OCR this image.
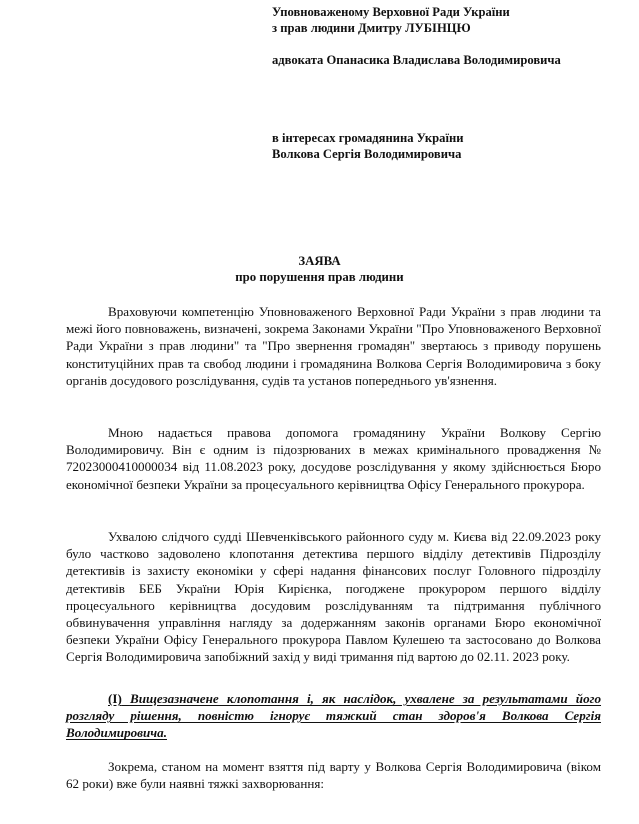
Уповноваженому Верховної Ради України
з прав людини Дмитру ЛУБІНЦЮ
адвоката Опанасика Владислава Володимировича
в інтересах громадянина України
Волкова Сергія Володимировича
ЗАЯВА
про порушення прав людини
Враховуючи компетенцію Уповноваженого Верховної Ради України з прав людини та межі його повноважень, визначені, зокрема Законами України "Про Уповноваженого Верховної Ради України з прав людини" та "Про звернення громадян" звертаюсь з приводу порушень конституційних прав та свобод людини і громадянина Волкова Сергія Володимировича з боку органів досудового розслідування, судів та установ попереднього ув'язнення.
Мною надається правова допомога громадянину України Волкову Сергію Володимировичу. Він є одним із підозрюваних в межах кримінального провадження № 72023000410000034 від 11.08.2023 року, досудове розслідування у якому здійснюється Бюро економічної безпеки України за процесуального керівництва Офісу Генерального прокурора.
Ухвалою слідчого судді Шевченківського районного суду м. Києва від 22.09.2023 року було частково задоволено клопотання детектива першого відділу детективів Підрозділу детективів із захисту економіки у сфері надання фінансових послуг Головного підрозділу детективів БЕБ України Юрія Кирієнка, погоджене прокурором першого відділу процесуального керівництва досудовим розслідуванням та підтримання публічного обвинувачення управління нагляду за додержанням законів органами Бюро економічної безпеки України Офісу Генерального прокурора Павлом Кулешею та застосовано до Волкова Сергія Володимировича запобіжний захід у виді тримання під вартою до 02.11. 2023 року.
(І) Вищезазначене клопотання і, як наслідок, ухвалене за результатами його розгляду рішення, повністю ігнорує тяжкий стан здоров'я Волкова Сергія Володимировича.
Зокрема, станом на момент взяття під варту у Волкова Сергія Володимировича (віком 62 роки) вже були наявні тяжкі захворювання:
